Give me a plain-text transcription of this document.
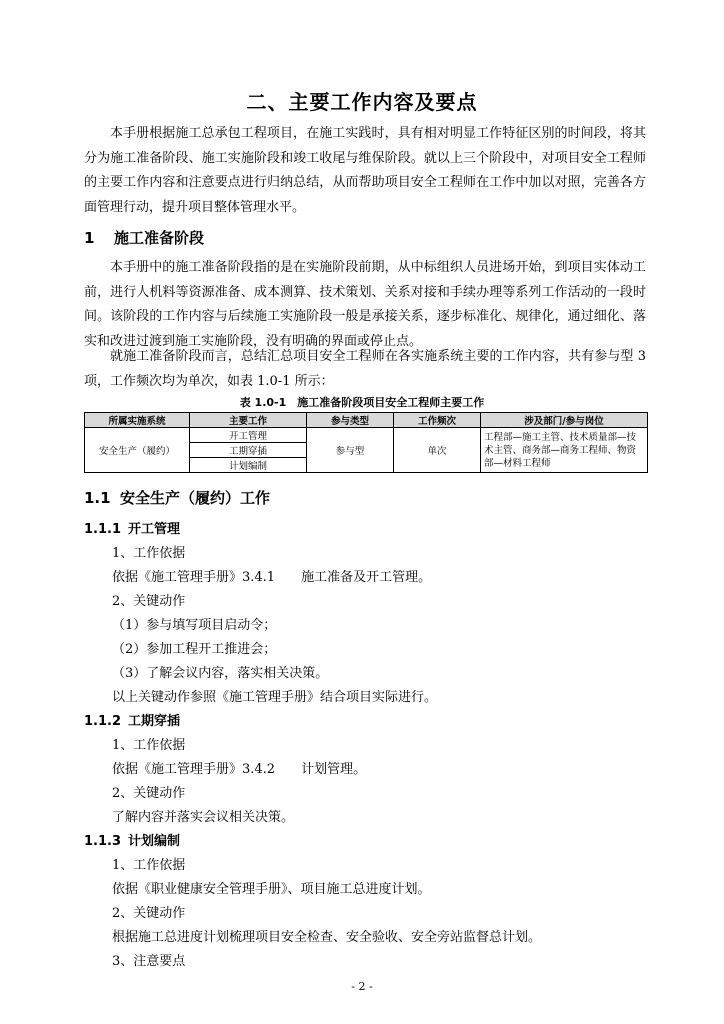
二、主要工作内容及要点

本手册根据施工总承包工程项目，在施工实践时，具有相对明显工作特征区别的时间段，将其分为施工准备阶段、施工实施阶段和竣工收尾与维保阶段。就以上三个阶段中，对项目安全工程师的主要工作内容和注意要点进行归纳总结，从而帮助项目安全工程师在工作中加以对照，完善各方面管理行动，提升项目整体管理水平。

1 施工准备阶段

本手册中的施工准备阶段指的是在实施阶段前期，从中标组织人员进场开始，到项目实体动工前，进行人机料等资源准备、成本测算、技术策划、关系对接和手续办理等系列工作活动的一段时间。该阶段的工作内容与后续施工实施阶段一般是承接关系，逐步标准化、规律化，通过细化、落实和改进过渡到施工实施阶段，没有明确的界面或停止点。

就施工准备阶段而言，总结汇总项目安全工程师在各实施系统主要的工作内容，共有参与型 3 项，工作频次均为单次，如表 1.0-1 所示：

表 1.0-1　施工准备阶段项目安全工程师主要工作
所属实施系统	主要工作	参与类型	工作频次	涉及部门/参与岗位
安全生产（履约）	开工管理	参与型	单次	工程部—施工主管、技术质量部—技术主管、商务部—商务工程师、物资部—材料工程师
	工期穿插			
	计划编制			
1.1 安全生产（履约）工作
1.1.1 开工管理
1、工作依据
依据《施工管理手册》3.4.1　　施工准备及开工管理。
2、关键动作
（1）参与填写项目启动令；
（2）参加工程开工推进会；
（3）了解会议内容，落实相关决策。
以上关键动作参照《施工管理手册》结合项目实际进行。
1.1.2 工期穿插
1、工作依据
依据《施工管理手册》3.4.2　　计划管理。
2、关键动作
了解内容并落实会议相关决策。
1.1.3 计划编制
1、工作依据
依据《职业健康安全管理手册》、项目施工总进度计划。
2、关键动作
根据施工总进度计划梳理项目安全检查、安全验收、安全旁站监督总计划。
3、注意要点
- 2 -
